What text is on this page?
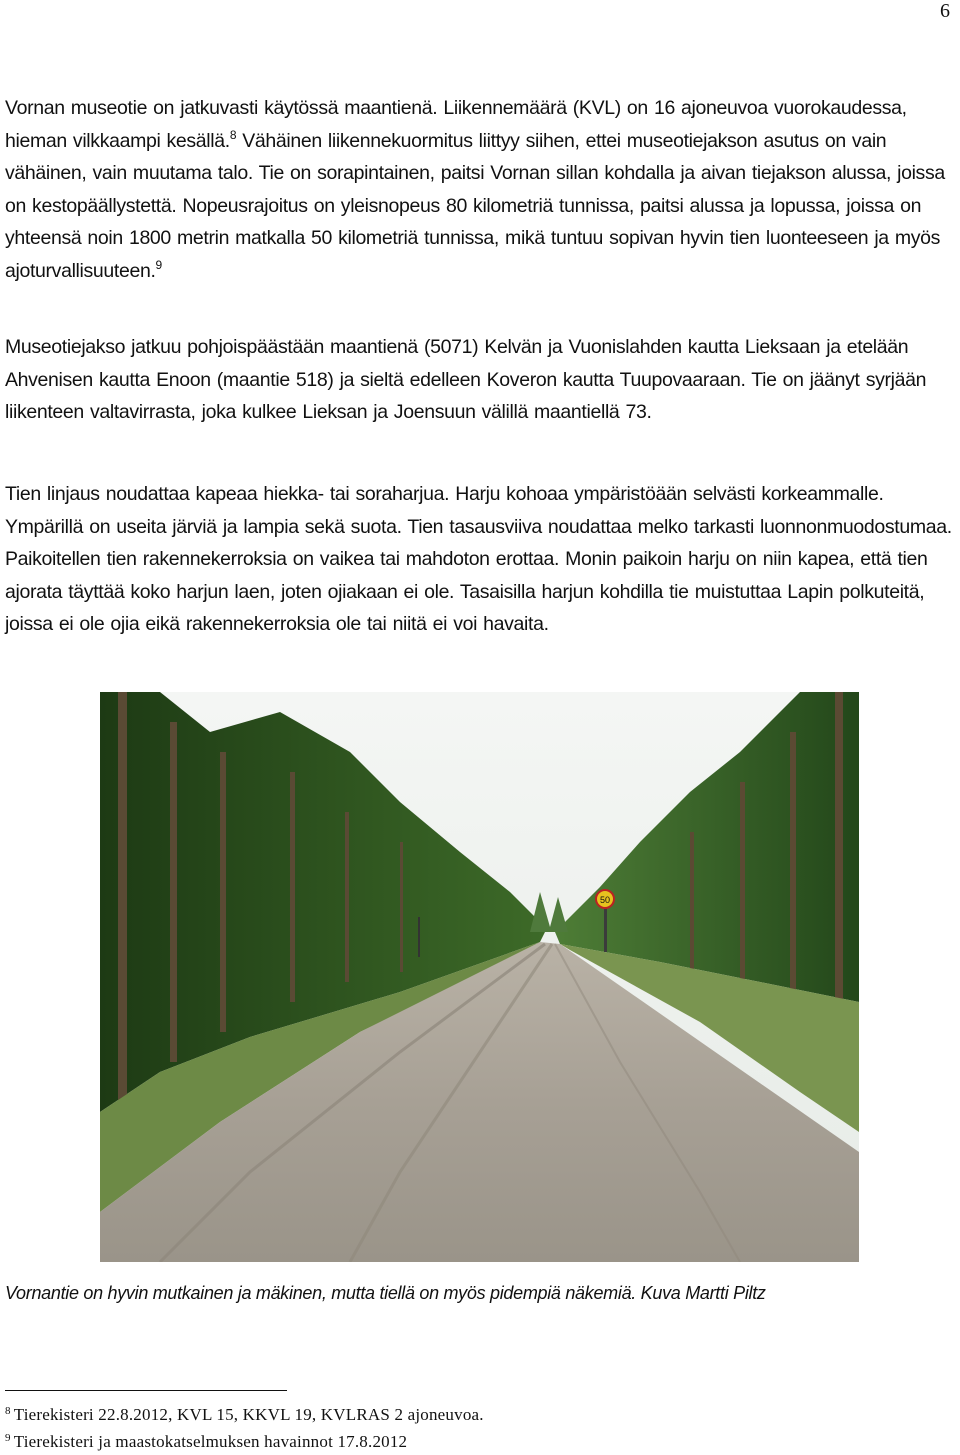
6

Vornan museotie on jatkuvasti käytössä maantienä. Liikennemäärä (KVL) on 16 ajoneuvoa vuorokaudessa, hieman vilkkaampi kesällä.$^8$ Vähäinen liikennekuormitus liittyy siihen, ettei museotiejakson asutus on vain vähäinen, vain muutama talo. Tie on sorapintainen, paitsi Vornan sillan kohdalla ja aivan tiejakson alussa, joissa on kestopäällystettä. Nopeusrajoitus on yleisnopeus 80 kilometriä tunnissa, paitsi alussa ja lopussa, joissa on yhteensä noin 1800 metrin matkalla 50 kilometriä tunnissa, mikä tuntuu sopivan hyvin tien luonteeseen ja myös ajoturvallisuuteen.$^9$

Museotiejakso jatkuu pohjoispäästään maantienä (5071) Kelvän ja Vuonislahden kautta Lieksaan ja etelään Ahvenisen kautta Enoon (maantie 518) ja sieltä edelleen Koveron kautta Tuupovaaraan. Tie on jäänyt syrjään liikenteen valtavirrasta, joka kulkee Lieksan ja Joensuun välillä maantiellä 73.

Tien linjaus noudattaa kapeaa hiekka- tai soraharjua. Harju kohoaa ympäristöään selvästi korkeammalle. Ympärillä on useita järviä ja lampia sekä suota. Tien tasausviiva noudattaa melko tarkasti luonnonmuodostumaa. Paikoitellen tien rakennekerroksia on vaikea tai mahdoton erottaa. Monin paikoin harju on niin kapea, että tien ajorata täyttää koko harjun laen, joten ojiakaan ei ole. Tasaisilla harjun kohdilla tie muistuttaa Lapin polkuteitä, joissa ei ole ojia eikä rakennekerroksia ole tai niitä ei voi havaita.

50
Vornantie on hyvin mutkainen ja mäkinen, mutta tiellä on myös pidempiä näkemiä. Kuva Martti Piltz
$^8$ Tierekisteri 22.8.2012, KVL 15, KKVL 19, KVLRAS 2 ajoneuvoa.
$^9$ Tierekisteri ja maastokatselmuksen havainnot 17.8.2012
